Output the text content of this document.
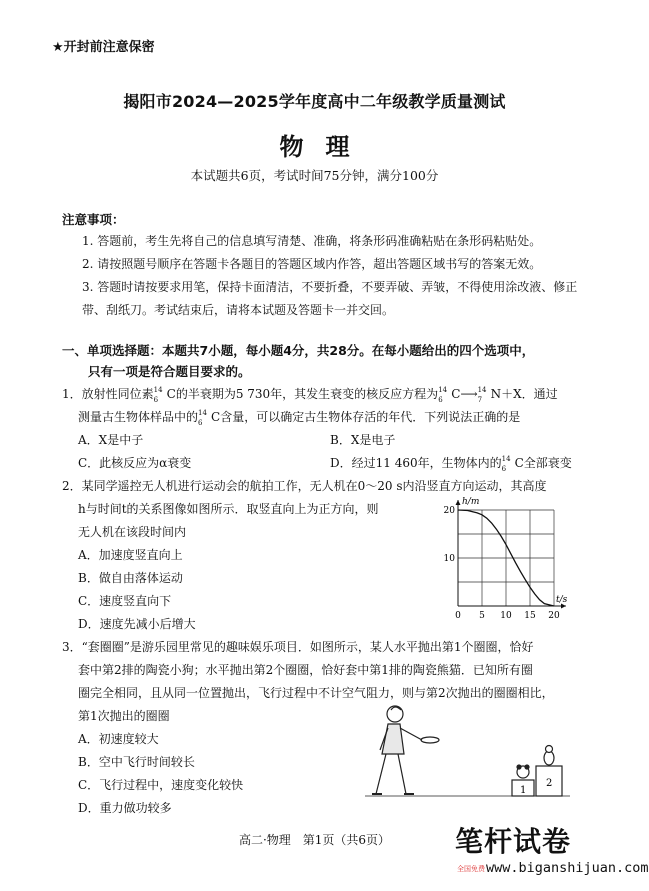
★开封前注意保密
揭阳市2024—2025学年度高中二年级教学质量测试
物理
本试题共6页，考试时间75分钟，满分100分
注意事项：
1. 答题前，考生先将自己的信息填写清楚、准确，将条形码准确粘贴在条形码粘贴处。
2. 请按照题号顺序在答题卡各题目的答题区域内作答，超出答题区域书写的答案无效。
3. 答题时请按要求用笔，保持卡面清洁，不要折叠，不要弄破、弄皱，不得使用涂改液、修正带、刮纸刀。考试结束后，请将本试题及答题卡一并交回。
一、单项选择题：本题共7小题，每小题4分，共28分。在每小题给出的四个选项中，
只有一项是符合题目要求的。
1．放射性同位素 14
6 C的半衰期为5 730年，其发生衰变的核反应方程为 14
6 C⟶ 14
7 N＋X．通过
测量古生物体样品中的 14
6 C含量，可以确定古生物体存活的年代．下列说法正确的是
A．X是中子	B．X是电子
C．此核反应为α衰变	D．经过11 460年，生物体内的 14
6 C全部衰变
2．某同学遥控无人机进行运动会的航拍工作，无人机在0～20 s内沿竖直方向运动，其高度
h与时间t的关系图像如图所示．取竖直向上为正方向，则
无人机在该段时间内
A．加速度竖直向上
B．做自由落体运动
C．速度竖直向下
D．速度先减小后增大
t/s
h/m
0 5 10 15 20
10
20
3．“套圈圈”是游乐园里常见的趣味娱乐项目．如图所示，某人水平抛出第1个圈圈，恰好
套中第2排的陶瓷小狗；水平抛出第2个圈圈，恰好套中第1排的陶瓷熊猫．已知所有圈
圈完全相同，且从同一位置抛出，飞行过程中不计空气阻力，则与第2次抛出的圈圈相比，
第1次抛出的圈圈
A．初速度较大
B．空中飞行时间较长
C．飞行过程中，速度变化较快
D．重力做功较多
1
2
高二·物理　第1页（共6页）	笔杆试卷
全国免费 www.biganshijuan.com
